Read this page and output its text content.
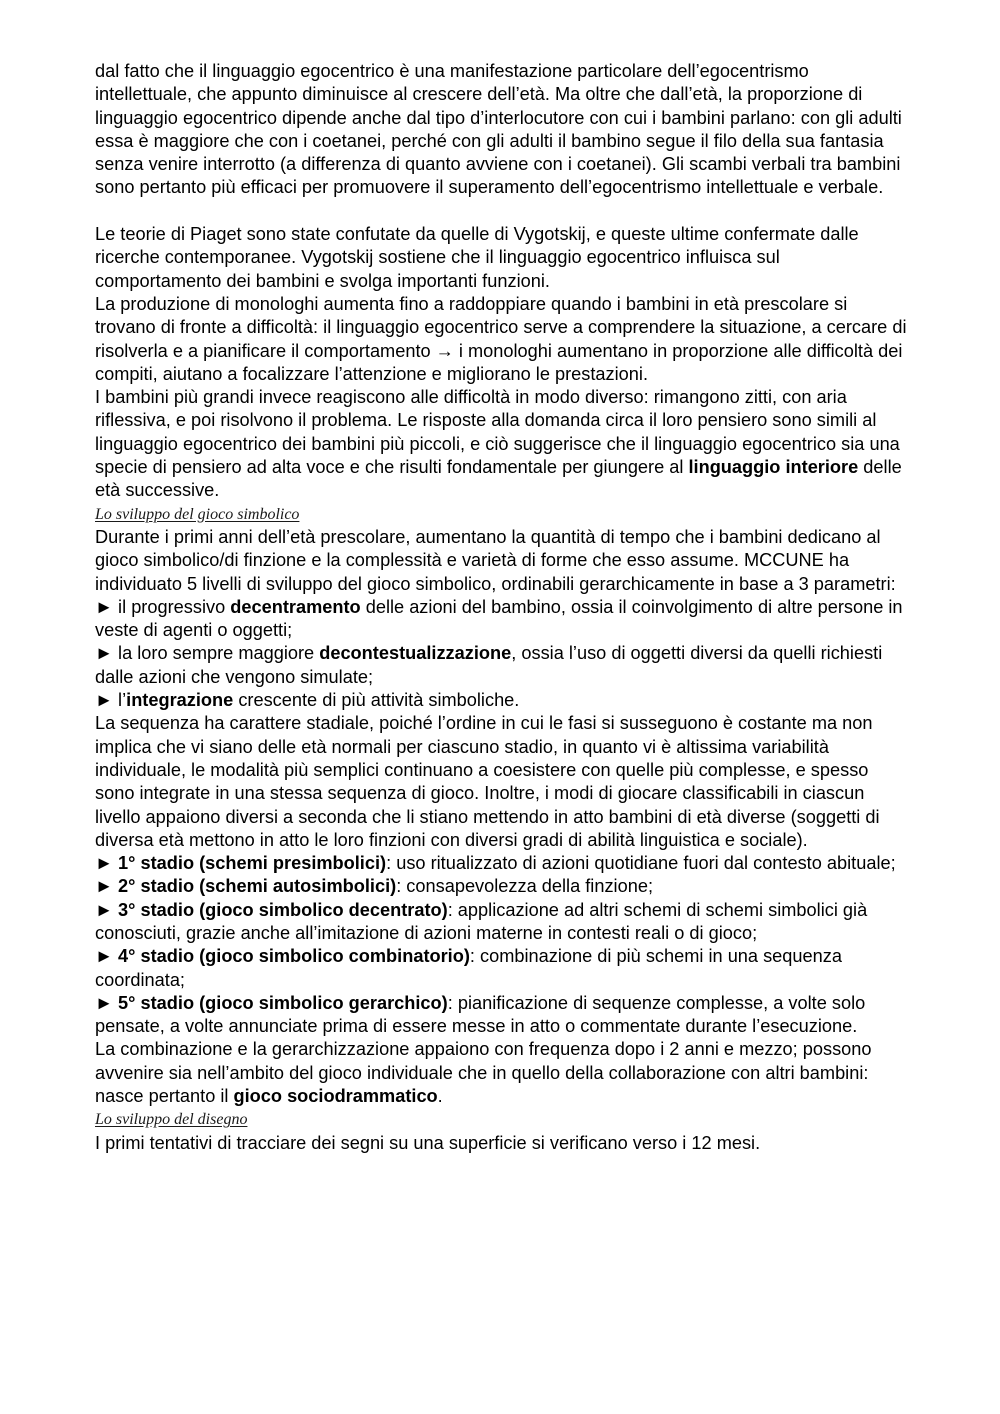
dal fatto che il linguaggio egocentrico è una manifestazione particolare dell’egocentrismo intellettuale, che appunto diminuisce al crescere dell’età. Ma oltre che dall’età, la proporzione di linguaggio egocentrico dipende anche dal tipo d’interlocutore con cui i bambini parlano: con gli adulti essa è maggiore che con i coetanei, perché con gli adulti il bambino segue il filo della sua fantasia senza venire interrotto (a differenza di quanto avviene con i coetanei). Gli scambi verbali tra bambini sono pertanto più efficaci per promuovere il superamento dell’egocentrismo intellettuale e verbale.

Le teorie di Piaget sono state confutate da quelle di Vygotskij, e queste ultime confermate dalle ricerche contemporanee. Vygotskij sostiene che il linguaggio egocentrico influisca sul comportamento dei bambini e svolga importanti funzioni.

La produzione di monologhi aumenta fino a raddoppiare quando i bambini in età prescolare si trovano di fronte a difficoltà: il linguaggio egocentrico serve a comprendere la situazione, a cercare di risolverla e a pianificare il comportamento → i monologhi aumentano in proporzione alle difficoltà dei compiti, aiutano a focalizzare l’attenzione e migliorano le prestazioni.

I bambini più grandi invece reagiscono alle difficoltà in modo diverso: rimangono zitti, con aria riflessiva, e poi risolvono il problema. Le risposte alla domanda circa il loro pensiero sono simili al linguaggio egocentrico dei bambini più piccoli, e ciò suggerisce che il linguaggio egocentrico sia una specie di pensiero ad alta voce e che risulti fondamentale per giungere al linguaggio interiore delle età successive.

Lo sviluppo del gioco simbolico

Durante i primi anni dell’età prescolare, aumentano la quantità di tempo che i bambini dedicano al gioco simbolico/di finzione e la complessità e varietà di forme che esso assume. MCCUNE ha individuato 5 livelli di sviluppo del gioco simbolico, ordinabili gerarchicamente in base a 3 parametri:

► il progressivo decentramento delle azioni del bambino, ossia il coinvolgimento di altre persone in veste di agenti o oggetti;

► la loro sempre maggiore decontestualizzazione, ossia l’uso di oggetti diversi da quelli richiesti dalle azioni che vengono simulate;

► l’integrazione crescente di più attività simboliche.

La sequenza ha carattere stadiale, poiché l’ordine in cui le fasi si susseguono è costante ma non implica che vi siano delle età normali per ciascuno stadio, in quanto vi è altissima variabilità individuale, le modalità più semplici continuano a coesistere con quelle più complesse, e spesso sono integrate in una stessa sequenza di gioco. Inoltre, i modi di giocare classificabili in ciascun livello appaiono diversi a seconda che li stiano mettendo in atto bambini di età diverse (soggetti di diversa età mettono in atto le loro finzioni con diversi gradi di abilità linguistica e sociale).

► 1° stadio (schemi presimbolici): uso ritualizzato di azioni quotidiane fuori dal contesto abituale;

► 2° stadio (schemi autosimbolici): consapevolezza della finzione;

► 3° stadio (gioco simbolico decentrato): applicazione ad altri schemi di schemi simbolici già conosciuti, grazie anche all’imitazione di azioni materne in contesti reali o di gioco;

► 4° stadio (gioco simbolico combinatorio): combinazione di più schemi in una sequenza coordinata;

► 5° stadio (gioco simbolico gerarchico): pianificazione di sequenze complesse, a volte solo pensate, a volte annunciate prima di essere messe in atto o commentate durante l’esecuzione.

La combinazione e la gerarchizzazione appaiono con frequenza dopo i 2 anni e mezzo; possono avvenire sia nell’ambito del gioco individuale che in quello della collaborazione con altri bambini: nasce pertanto il gioco sociodrammatico.

Lo sviluppo del disegno

I primi tentativi di tracciare dei segni su una superficie si verificano verso i 12 mesi.
